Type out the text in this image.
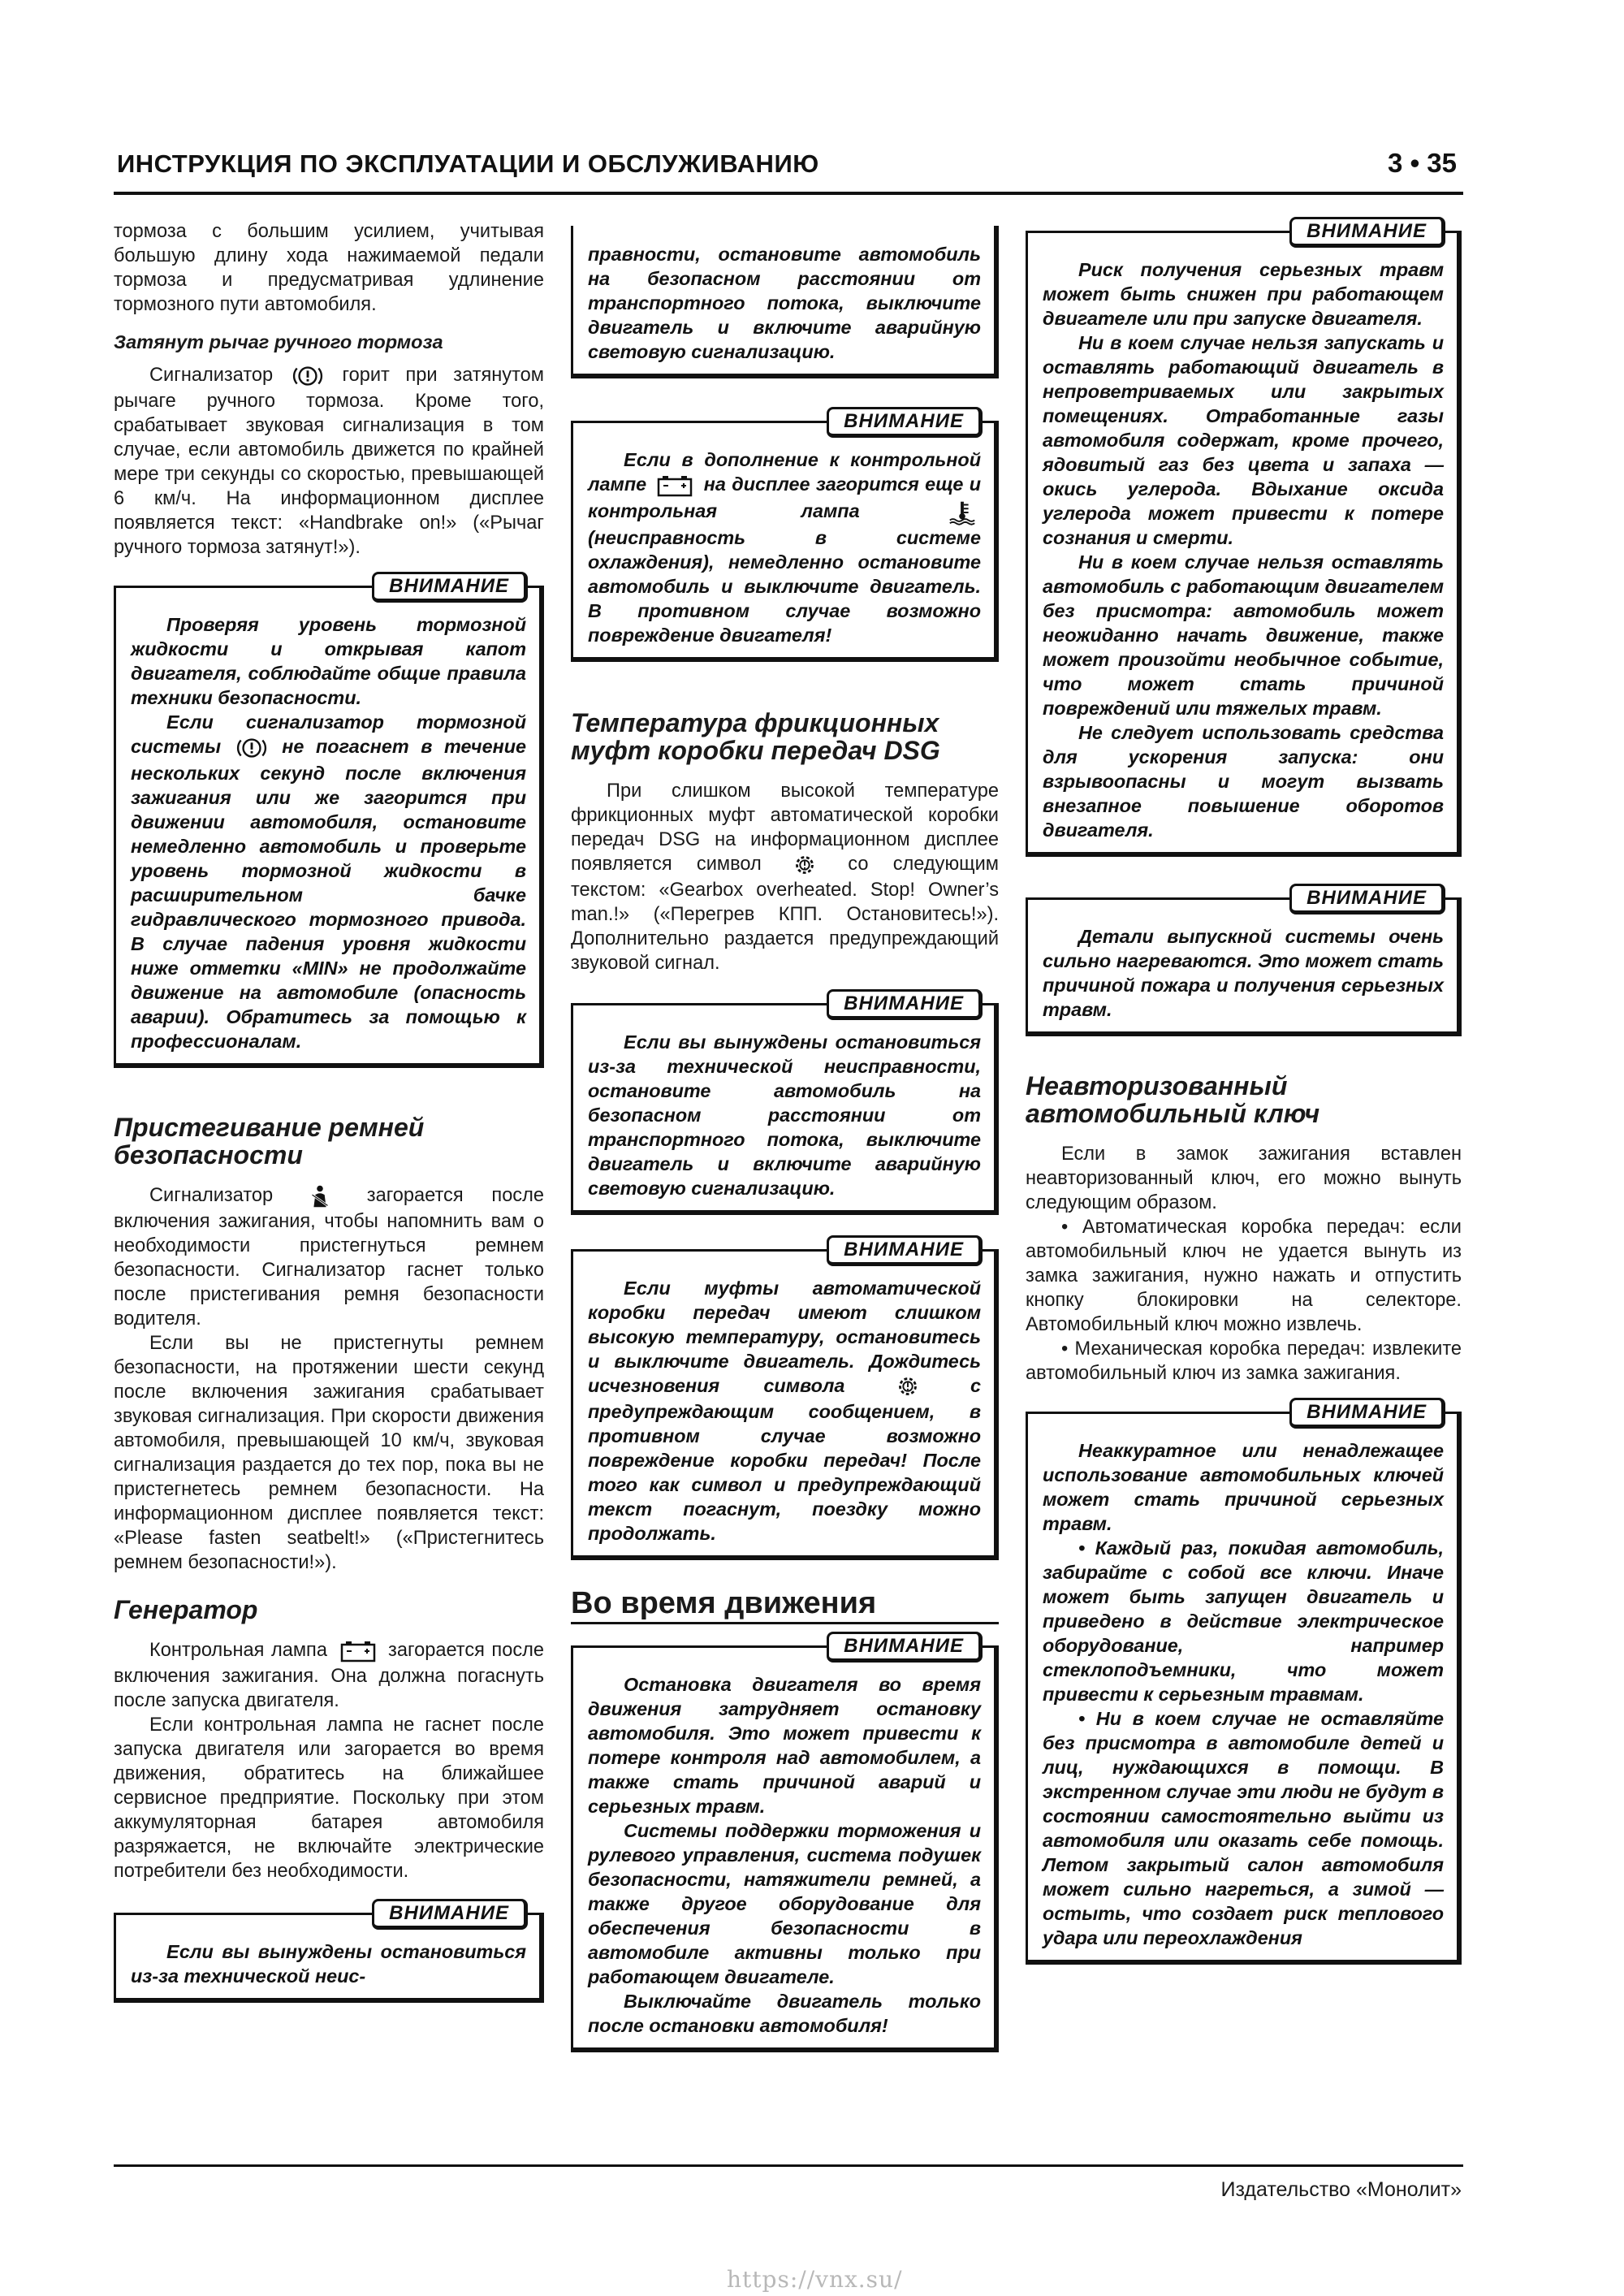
ИНСТРУКЦИЯ ПО ЭКСПЛУАТАЦИИ И ОБСЛУЖИВАНИЮ	3 • 35

тормоза с большим усилием, учитывая большую длину хода нажимаемой педали тормоза и предусматривая удлинение тормозного пути автомобиля.

Затянут рычаг ручного тормоза

Сигнализатор	горит при затянутом рычаге ручного тормоза. Кроме того, срабатывает звуковая сигнализация в том случае, если автомобиль движется по крайней мере три секунды со скоростью, превышающей 6 км/ч. На информационном дисплее появляется текст: «Handbrake on!» («Рычаг ручного тормоза затянут!»).

ВНИМАНИЕ

Проверяя уровень тормозной жидкости и открывая капот двигателя, соблюдайте общие правила техники безопасности.

Если сигнализатор тормозной системы	не погаснет в течение нескольких секунд после включения зажигания или же загорится при движении автомобиля, остановите немедленно автомобиль и проверьте уровень тормозной жидкости в расширительном бачке гидравлического тормозного привода. В случае падения уровня жидкости ниже отметки «MIN» не продолжайте движение на автомобиле (опасность аварии). Обратитесь за помощью к профессионалам.

Пристегивание ремней безопасности

Сигнализатор	загорается после включения зажигания, чтобы напомнить вам о необходимости пристегнуться ремнем безопасности. Сигнализатор гаснет только после пристегивания ремня безопасности водителя.

Если вы не пристегнуты ремнем безопасности, на протяжении шести секунд после включения зажигания срабатывает звуковая сигнализация. При скорости движения автомобиля, превышающей 10 км/ч, звуковая сигнализация раздается до тех пор, пока вы не пристегнетесь ремнем безопасности. На информационном дисплее появляется текст: «Please fasten seatbelt!» («Пристегнитесь ремнем безопасности!»).

Генератор

Контрольная лампа	загорается после включения зажигания. Она должна погаснуть после запуска двигателя.

Если контрольная лампа не гаснет после запуска двигателя или загорается во время движения, обратитесь на ближайшее сервисное предприятие. Поскольку при этом аккумуляторная батарея автомобиля разряжается, не включайте электрические потребители без необходимости.

ВНИМАНИЕ

Если вы вынуждены остановиться из-за технической неис-

правности, остановите автомобиль на безопасном расстоянии от транспортного потока, выключите двигатель и включите аварийную световую сигнализацию.

ВНИМАНИЕ

Если в дополнение к контрольной лампе	на дисплее загорится еще и контрольная лампа  (неисправность в системе охлаждения), немедленно остановите автомобиль и выключите двигатель. В противном случае возможно повреждение двигателя!

Температура фрикционных муфт коробки передач DSG

При слишком высокой температуре фрикционных муфт автоматической коробки передач DSG на информационном дисплее появляется символ	со следующим текстом: «Gearbox overheated. Stop! Owner’s man.!» («Перегрев КПП. Остановитесь!»). Дополнительно раздается предупреждающий звуковой сигнал.

ВНИМАНИЕ

Если вы вынуждены остановиться из-за технической неисправности, остановите автомобиль на безопасном расстоянии от транспортного потока, выключите двигатель и включите аварийную световую сигнализацию.

ВНИМАНИЕ

Если муфты автоматической коробки передач имеют слишком высокую температуру, остановитесь и выключите двигатель. Дождитесь исчезновения символа	с предупреждающим сообщением, в противном случае возможно повреждение коробки передач! После того как символ и предупреждающий текст погаснут, поездку можно продолжать.

Во время движения
ВНИМАНИЕ

Остановка двигателя во время движения затрудняет остановку автомобиля. Это может привести к потере контроля над автомобилем, а также стать причиной аварий и серьезных травм.

Системы поддержки торможения и рулевого управления, система подушек безопасности, натяжители ремней, а также другое оборудование для обеспечения безопасности в автомобиле активны только при работающем двигателе.

Выключайте двигатель только после остановки автомобиля!

ВНИМАНИЕ

Риск получения серьезных травм может быть снижен при работающем двигателе или при запуске двигателя.

Ни в коем случае нельзя запускать и оставлять работающий двигатель в непроветриваемых или закрытых помещениях. Отработанные газы автомобиля содержат, кроме прочего, ядовитый газ без цвета и запаха — окись углерода. Вдыхание оксида углерода может привести к потере сознания и смерти.

Ни в коем случае нельзя оставлять автомобиль с работающим двигателем без присмотра: автомобиль может неожиданно начать движение, также может произойти необычное событие, что может стать причиной повреждений или тяжелых травм.

Не следует использовать средства для ускорения запуска: они взрывоопасны и могут вызвать внезапное повышение оборотов двигателя.

ВНИМАНИЕ

Детали выпускной системы очень сильно нагреваются. Это может стать причиной пожара и получения серьезных травм.

Неавторизованный автомобильный ключ

Если в замок зажигания вставлен неавторизованный ключ, его можно вынуть следующим образом.

• Автоматическая коробка передач: если автомобильный ключ не удается вынуть из замка зажигания, нужно нажать и отпустить кнопку блокировки на селекторе. Автомобильный ключ можно извлечь.

• Механическая коробка передач: извлеките автомобильный ключ из замка зажигания.

ВНИМАНИЕ

Неаккуратное или ненадлежащее использование автомобильных ключей может стать причиной серьезных травм.

• Каждый раз, покидая автомобиль, забирайте с собой все ключи. Иначе может быть запущен двигатель и приведено в действие электрическое оборудование, например стеклоподъемники, что может привести к серьезным травмам.

• Ни в коем случае не оставляйте без присмотра в автомобиле детей и лиц, нуждающихся в помощи. В экстренном случае эти люди не будут в состоянии самостоятельно выйти из автомобиля или оказать себе помощь. Летом закрытый салон автомобиля может сильно нагреться, а зимой — остыть, что создает риск теплового удара или переохлаждения

Издательство «Монолит»
https://vnx.su/
